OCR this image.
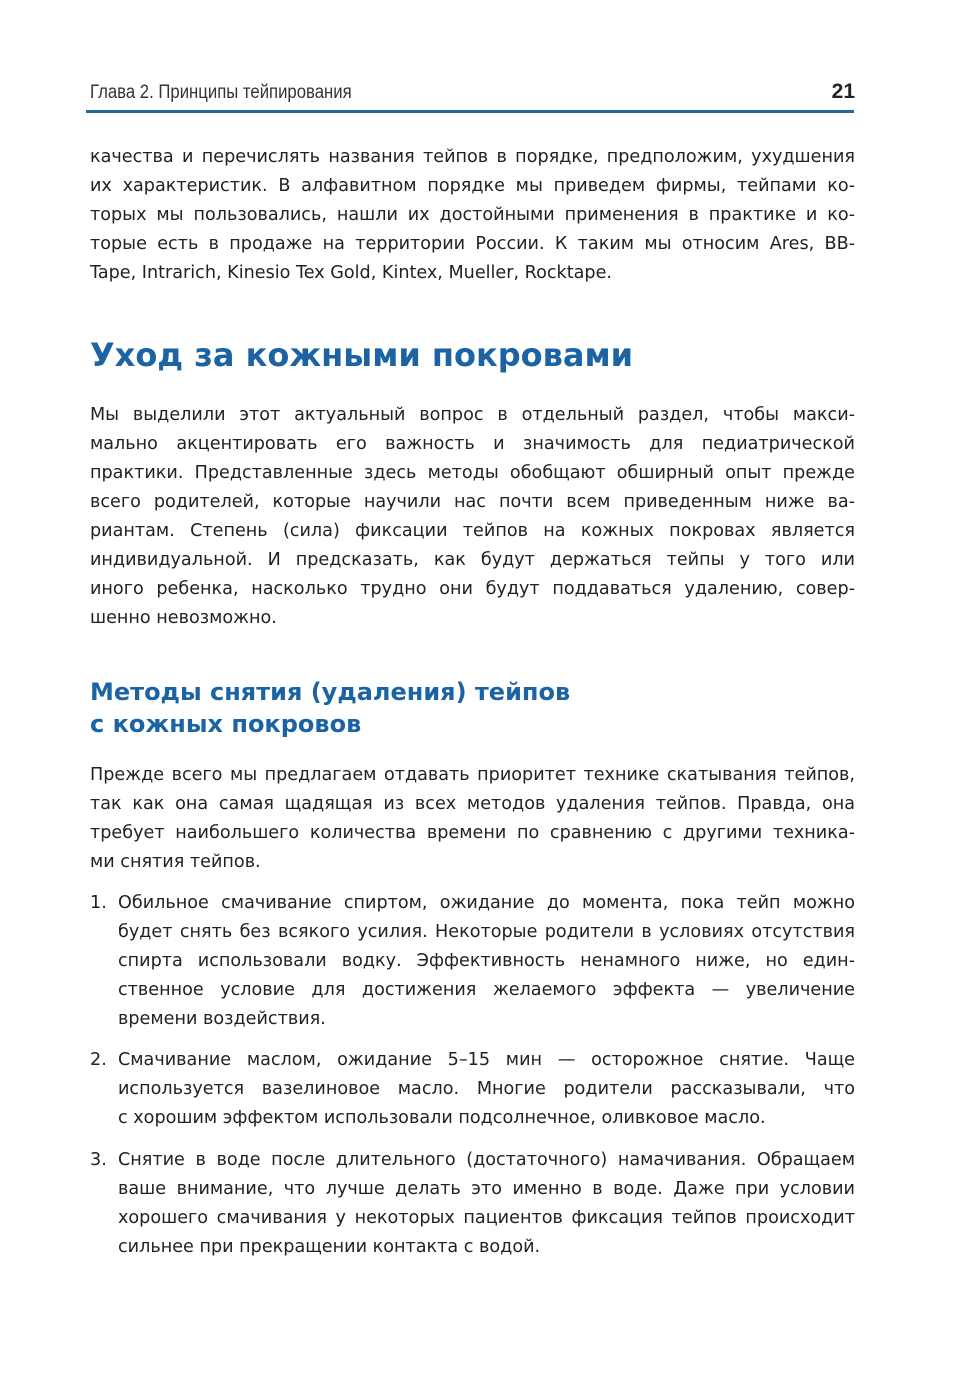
Глава 2. Принципы тейпирования	21
качества и перечислять названия тейпов в порядке, предположим, ухудшения
их характеристик. В алфавитном порядке мы приведем фирмы, тейпами ко-
торых мы пользовались, нашли их достойными применения в практике и ко-
торые есть в продаже на территории России. К таким мы относим Ares, BB-
Tape, Intrarich, Kinesio Tex Gold, Kintex, Mueller, Rocktape.
Уход за кожными покровами
Мы выделили этот актуальный вопрос в отдельный раздел, чтобы макси-
мально акцентировать его важность и значимость для педиатрической
практики. Представленные здесь методы обобщают обширный опыт прежде
всего родителей, которые научили нас почти всем приведенным ниже ва-
риантам. Степень (сила) фиксации тейпов на кожных покровах является
индивидуальной. И предсказать, как будут держаться тейпы у того или
иного ребенка, насколько трудно они будут поддаваться удалению, совер-
шенно невозможно.
Методы снятия (удаления) тейпов
с кожных покровов
Прежде всего мы предлагаем отдавать приоритет технике скатывания тейпов,
так как она самая щадящая из всех методов удаления тейпов. Правда, она
требует наибольшего количества времени по сравнению с другими техника-
ми снятия тейпов.
1. Обильное смачивание спиртом, ожидание до момента, пока тейп можно
будет снять без всякого усилия. Некоторые родители в условиях отсутствия
спирта использовали водку. Эффективность ненамного ниже, но един-
ственное условие для достижения желаемого эффекта — увеличение
времени воздействия.
2. Смачивание маслом, ожидание 5–15 мин — осторожное снятие. Чаще
используется вазелиновое масло. Многие родители рассказывали, что
с хорошим эффектом использовали подсолнечное, оливковое масло.
3. Снятие в воде после длительного (достаточного) намачивания. Обращаем
ваше внимание, что лучше делать это именно в воде. Даже при условии
хорошего смачивания у некоторых пациентов фиксация тейпов происходит
сильнее при прекращении контакта с водой.
